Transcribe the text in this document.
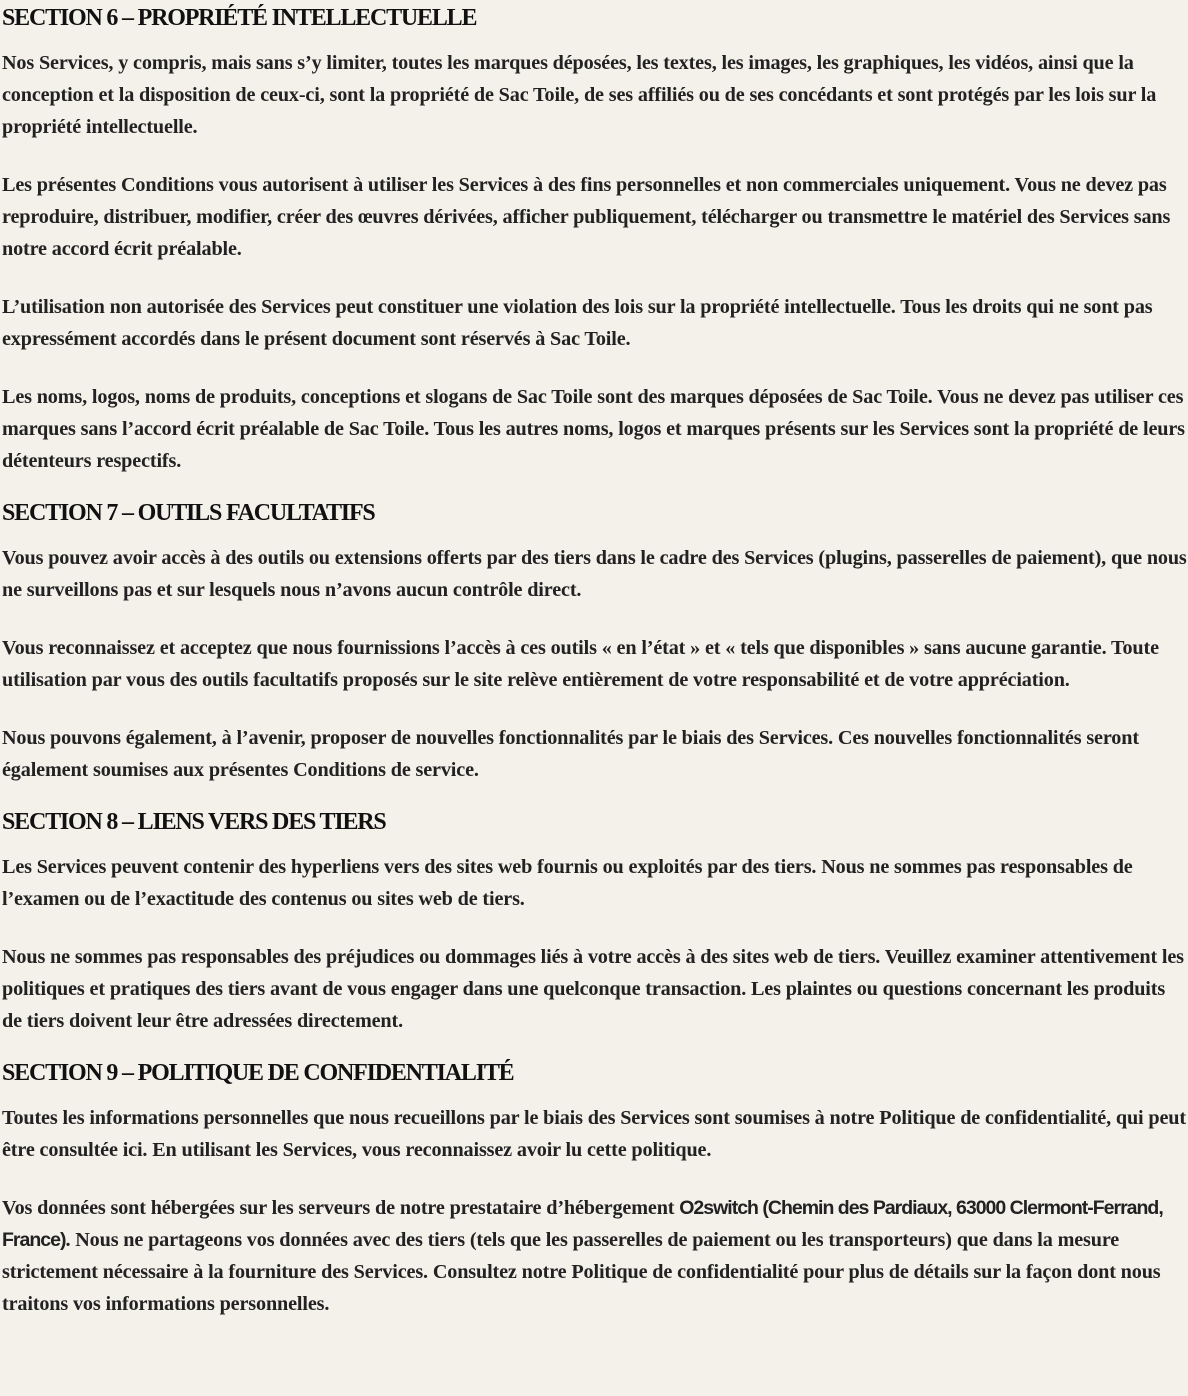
SECTION 6 – PROPRIÉTÉ INTELLECTUELLE

Nos Services, y compris, mais sans s’y limiter, toutes les marques déposées, les textes, les images, les graphiques, les vidéos, ainsi que la conception et la disposition de ceux-ci, sont la propriété de Sac Toile, de ses affiliés ou de ses concédants et sont protégés par les lois sur la propriété intellectuelle.

Les présentes Conditions vous autorisent à utiliser les Services à des fins personnelles et non commerciales uniquement. Vous ne devez pas reproduire, distribuer, modifier, créer des œuvres dérivées, afficher publiquement, télécharger ou transmettre le matériel des Services sans notre accord écrit préalable.

L’utilisation non autorisée des Services peut constituer une violation des lois sur la propriété intellectuelle. Tous les droits qui ne sont pas expressément accordés dans le présent document sont réservés à Sac Toile.

Les noms, logos, noms de produits, conceptions et slogans de Sac Toile sont des marques déposées de Sac Toile. Vous ne devez pas utiliser ces marques sans l’accord écrit préalable de Sac Toile. Tous les autres noms, logos et marques présents sur les Services sont la propriété de leurs détenteurs respectifs.

SECTION 7 – OUTILS FACULTATIFS

Vous pouvez avoir accès à des outils ou extensions offerts par des tiers dans le cadre des Services (plugins, passerelles de paiement), que nous ne surveillons pas et sur lesquels nous n’avons aucun contrôle direct.

Vous reconnaissez et acceptez que nous fournissions l’accès à ces outils « en l’état » et « tels que disponibles » sans aucune garantie. Toute utilisation par vous des outils facultatifs proposés sur le site relève entièrement de votre responsabilité et de votre appréciation.

Nous pouvons également, à l’avenir, proposer de nouvelles fonctionnalités par le biais des Services. Ces nouvelles fonctionnalités seront également soumises aux présentes Conditions de service.

SECTION 8 – LIENS VERS DES TIERS

Les Services peuvent contenir des hyperliens vers des sites web fournis ou exploités par des tiers. Nous ne sommes pas responsables de l’examen ou de l’exactitude des contenus ou sites web de tiers.

Nous ne sommes pas responsables des préjudices ou dommages liés à votre accès à des sites web de tiers. Veuillez examiner attentivement les politiques et pratiques des tiers avant de vous engager dans une quelconque transaction. Les plaintes ou questions concernant les produits de tiers doivent leur être adressées directement.

SECTION 9 – POLITIQUE DE CONFIDENTIALITÉ

Toutes les informations personnelles que nous recueillons par le biais des Services sont soumises à notre Politique de confidentialité, qui peut être consultée ici. En utilisant les Services, vous reconnaissez avoir lu cette politique.

Vos données sont hébergées sur les serveurs de notre prestataire d’hébergement O2switch (Chemin des Pardiaux, 63000 Clermont-Ferrand, France). Nous ne partageons vos données avec des tiers (tels que les passerelles de paiement ou les transporteurs) que dans la mesure strictement nécessaire à la fourniture des Services. Consultez notre Politique de confidentialité pour plus de détails sur la façon dont nous traitons vos informations personnelles.
